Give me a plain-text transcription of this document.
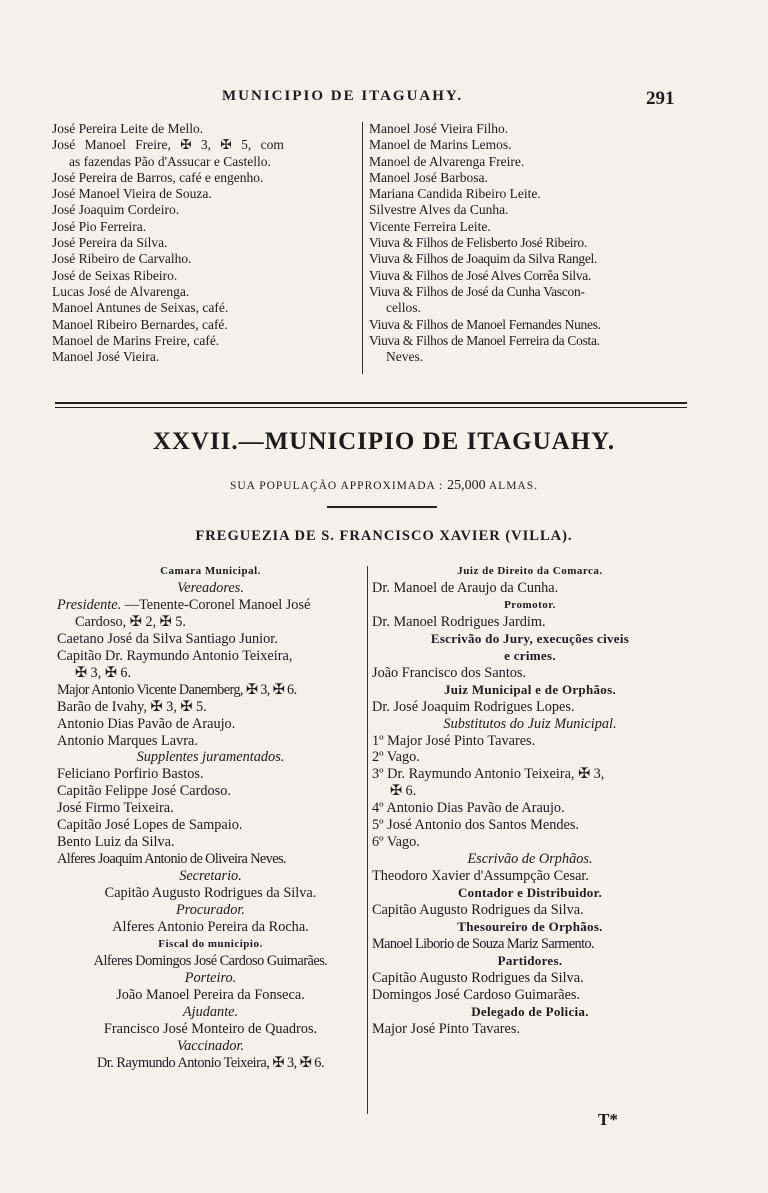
MUNICIPIO DE ITAGUAHY.	291
José Pereira Leite de Mello.
José Manoel Freire, ✠ 3, ✠ 5, com
as fazendas Pão d'Assucar e Castello.
José Pereira de Barros, café e engenho.
José Manoel Vieira de Souza.
José Joaquim Cordeiro.
José Pio Ferreira.
José Pereira da Silva.
José Ribeiro de Carvalho.
José de Seixas Ribeiro.
Lucas José de Alvarenga.
Manoel Antunes de Seixas, café.
Manoel Ribeiro Bernardes, café.
Manoel de Marins Freire, café.
Manoel José Vieira.
Manoel José Vieira Filho.
Manoel de Marins Lemos.
Manoel de Alvarenga Freire.
Manoel José Barbosa.
Mariana Candida Ribeiro Leite.
Silvestre Alves da Cunha.
Vicente Ferreira Leite.
Viuva & Filhos de Felisberto José Ribeiro.
Viuva & Filhos de Joaquim da Silva Rangel.
Viuva & Filhos de José Alves Corrêa Silva.
Viuva & Filhos de José da Cunha Vascon-
cellos.
Viuva & Filhos de Manoel Fernandes Nunes.
Viuva & Filhos de Manoel Ferreira da Costa.
Neves.
XXVII.—MUNICIPIO DE ITAGUAHY.
SUA POPULAÇÃO APPROXIMADA : 25,000 ALMAS.
FREGUEZIA DE S. FRANCISCO XAVIER (VILLA).
Camara Municipal.
Vereadores.
Presidente. —Tenente-Coronel Manoel José
Cardoso, ✠ 2, ✠ 5.
Caetano José da Silva Santiago Junior.
Capitão Dr. Raymundo Antonio Teixeira,
✠ 3, ✠ 6.
Major Antonio Vicente Danemberg, ✠ 3, ✠ 6.
Barão de Ivahy, ✠ 3, ✠ 5.
Antonio Dias Pavão de Araujo.
Antonio Marques Lavra.
Supplentes juramentados.
Feliciano Porfirio Bastos.
Capitão Felippe José Cardoso.
José Firmo Teixeira.
Capitão José Lopes de Sampaio.
Bento Luiz da Silva.
Alferes Joaquim Antonio de Oliveira Neves.
Secretario.
Capitão Augusto Rodrigues da Silva.
Procurador.
Alferes Antonio Pereira da Rocha.
Fiscal do municipio.
Alferes Domingos José Cardoso Guimarães.
Porteiro.
João Manoel Pereira da Fonseca.
Ajudante.
Francisco José Monteiro de Quadros.
Vaccinador.
Dr. Raymundo Antonio Teixeira, ✠ 3, ✠ 6.
Juiz de Direito da Comarca.
Dr. Manoel de Araujo da Cunha.
Promotor.
Dr. Manoel Rodrigues Jardim.
Escrivão do Jury, execuções civeis
e crimes.
João Francisco dos Santos.
Juiz Municipal e de Orphãos.
Dr. José Joaquim Rodrigues Lopes.
Substitutos do Juiz Municipal.
1º Major José Pinto Tavares.
2º Vago.
3º Dr. Raymundo Antonio Teixeira, ✠ 3,
✠ 6.
4º Antonio Dias Pavão de Araujo.
5º José Antonio dos Santos Mendes.
6º Vago.
Escrivão de Orphãos.
Theodoro Xavier d'Assumpção Cesar.
Contador e Distribuidor.
Capitão Augusto Rodrigues da Silva.
Thesoureiro de Orphãos.
Manoel Liborio de Souza Mariz Sarmento.
Partidores.
Capitão Augusto Rodrigues da Silva.
Domingos José Cardoso Guimarães.
Delegado de Policia.
Major José Pinto Tavares.
T*
